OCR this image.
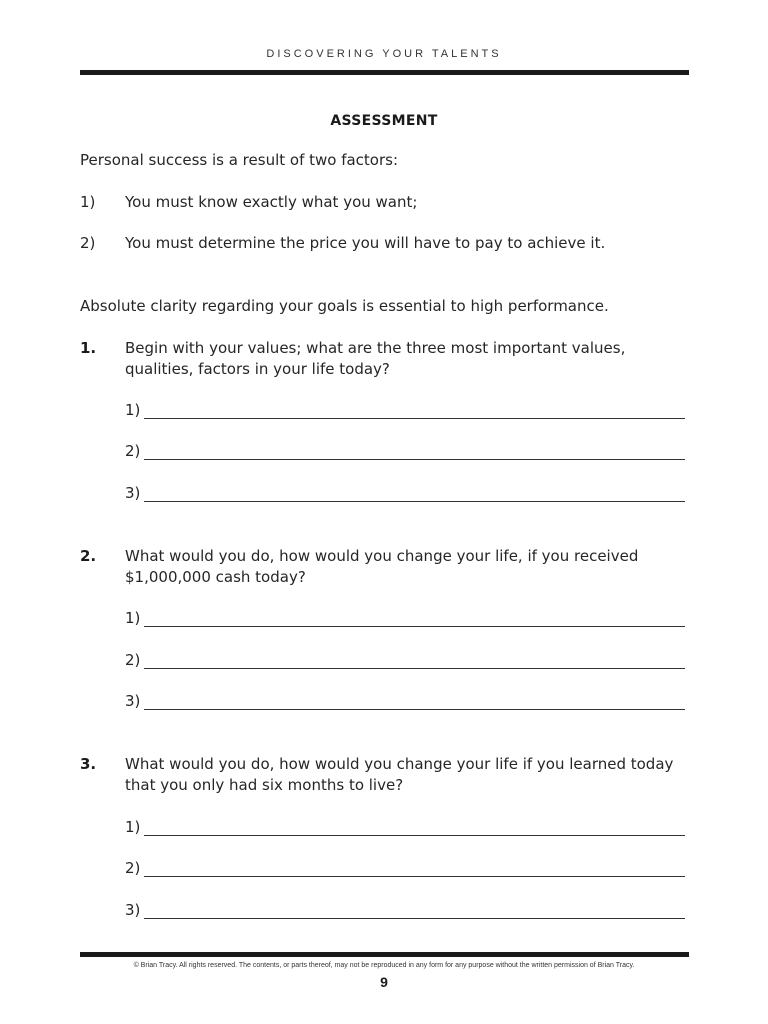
DISCOVERING YOUR TALENTS
ASSESSMENT
Personal success is a result of two factors:
1) You must know exactly what you want;
2) You must determine the price you will have to pay to achieve it.
Absolute clarity regarding your goals is essential to high performance.
1. Begin with your values; what are the three most important values,
qualities, factors in your life today?
1)
2)
3)
2. What would you do, how would you change your life, if you received
$1,000,000 cash today?
1)
2)
3)
3. What would you do, how would you change your life if you learned today
that you only had six months to live?
1)
2)
3)
© Brian Tracy. All rights reserved. The contents, or parts thereof, may not be reproduced in any form for any purpose without the written permission of Brian Tracy.
9
